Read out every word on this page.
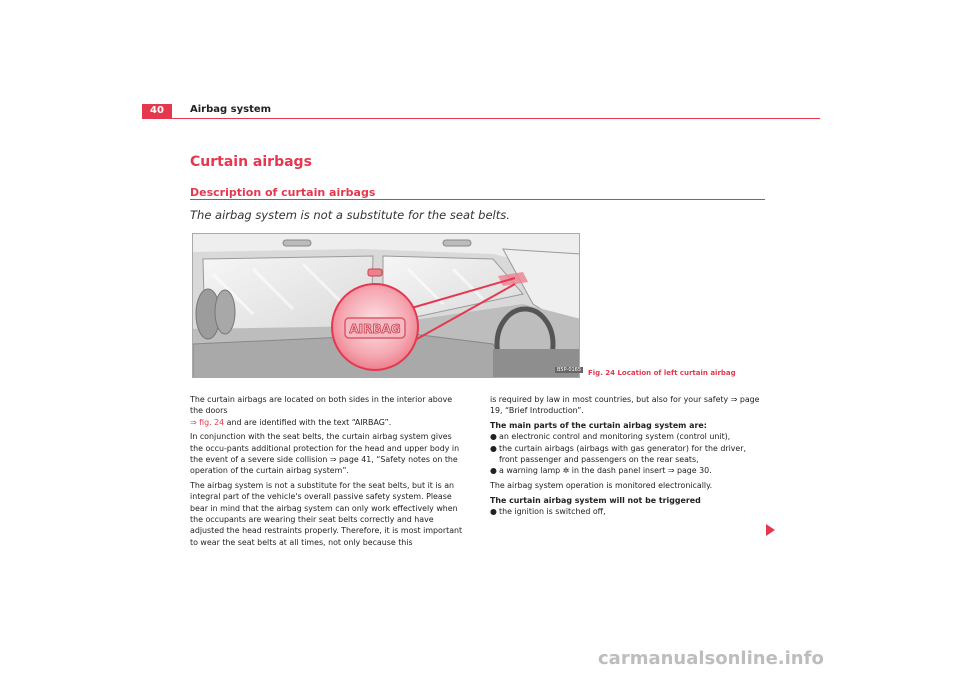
40	Airbag system
Curtain airbags
Description of curtain airbags
The airbag system is not a substitute for the seat belts.
AIRBAG
B5P-0165 Fig. 24 Location of left curtain airbag

The curtain airbags are located on both sides in the interior above the doors
⇒ fig. 24 and are identified with the text “AIRBAG”.

In conjunction with the seat belts, the curtain airbag system gives the occu-pants additional protection for the head and upper body in the event of a severe side collision ⇒ page 41, “Safety notes on the operation of the curtain airbag system”.

The airbag system is not a substitute for the seat belts, but it is an integral part of the vehicle's overall passive safety system. Please bear in mind that the airbag system can only work effectively when the occupants are wearing their seat belts correctly and have adjusted the head restraints properly. Therefore, it is most important to wear the seat belts at all times, not only because this

is required by law in most countries, but also for your safety ⇒ page 19, “Brief Introduction”.

The main parts of the curtain airbag system are:

● an electronic control and monitoring system (control unit),
● the curtain airbags (airbags with gas generator) for the driver, front passenger and passengers on the rear seats,
● a warning lamp ✲ in the dash panel insert ⇒ page 30.

The airbag system operation is monitored electronically.

The curtain airbag system will not be triggered

● the ignition is switched off,
carmanualsonline.info
